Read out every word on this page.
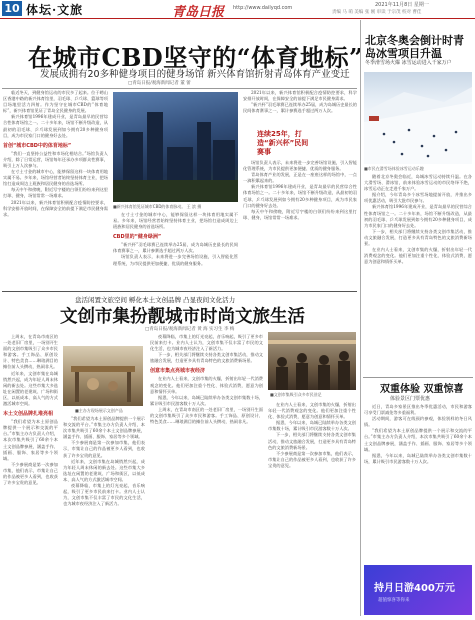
10 体坛·文旅	青岛日报 http://www.dailyqd.com	2021年11月8日 星期一
责编 马 萌 美编 张 刚 审读 于宗茂 校对 曹佳
在城市CBD坚守的“体育地标”
发展成拥有20多种健身项目的健身场馆 新兴体育馆折射青岛体育产业变迁
□青岛日报/观海新闻记者 董 蕾

临近冬天，到健身馆运动的市民多了起来。位于崂山区香港中路的新兴体育馆里，羽毛球、乒乓球、篮球等项目场地里活力四射。作为坚守在城市CBD的“体育地标”，新兴体育馆见证了青岛全民健身的发展。

新兴体育馆1996年建成开业，是青岛最早的民营综合性体育场馆之一。二十多年来，场馆不断升级改造，从最初的羽毛球、乒乓球发展到如今拥有20多种健身项目，成为市民家门口的健身好去处。

首创“城市CBD中的体育地标”

“我们一直坚持公益性和市场化相结合。”场馆负责人介绍，除了日常运营，场馆每年还承办多项群众性赛事，吸引上万人次参与。

在寸土寸金的城市中心，能够保留这样一块体育用地实属不易。多年来，场馆经营者始终坚持体育主业，把场馆打造成周边上班族和居民健身的首选场所。

每天中午和傍晚，附近写字楼的白领们纷纷来到这里打球、健身，场馆常常一场难求。

2021年以来，新兴体育馆积极配合疫情防控要求，科学安排开放时间，在保障安全的前提下满足市民健身需求。

■新兴体育馆见证城市CBD的体育脉动。 王 滨 摄

在寸土寸金的城市中心，能够保留这样一块体育用地实属不易。多年来，场馆经营者始终坚持体育主业，把场馆打造成周边上班族和居民健身的首选场所。

CBD里的“健身绿洲”

“新兴杯”羽毛球赛已连续举办25届，成为岛城历史最长的民间体育赛事之一，累计参赛选手超过两万人次。

场馆负责人表示，未来将进一步完善场馆设施，引入智能化管理系统，为市民提供更加便捷、优质的健身服务。

2021年以来，新兴体育馆积极配合疫情防控要求，科学安排开放时间，在保障安全的前提下满足市民健身需求。

“新兴杯”羽毛球赛已连续举办25届，成为岛城历史最长的民间体育赛事之一，累计参赛选手超过两万人次。

连续25年，打造“新兴杯”民间赛事

场馆负责人表示，未来将进一步完善场馆设施，引入智能化管理系统，为市民提供更加便捷、优质的健身服务。

青岛体育产业的发展，正是在一座座这样的场馆中，一点一滴积累起来的。

新兴体育馆1996年建成开业，是青岛最早的民营综合性体育场馆之一。二十多年来，场馆不断升级改造，从最初的羽毛球、乒乓球发展到如今拥有20多种健身项目，成为市民家门口的健身好去处。

每天中午和傍晚，附近写字楼的白领们纷纷来到这里打球、健身，场馆常常一场难求。

北京冬奥会倒计时青岛冰雪项目升温
冬季滑雪场火爆 冰雪运动进入千家万户
■市民在滑雪场体验冰雪运动乐趣

随着北京冬奥会临近，岛城冰雪运动持续升温。在各大滑雪场、滑冰馆，前来体验冰雪运动的市民络绎不绝，冰雪运动正在走进千家万户。

据介绍，今年青岛多个冰雪场地提前开放，并推出多项优惠活动，吸引大批市民参与。

新兴体育馆1996年建成开业，是青岛最早的民营综合性体育场馆之一。二十多年来，场馆不断升级改造，从最初的羽毛球、乒乓球发展到如今拥有20多种健身项目，成为市民家门口的健身好去处。

下一步，相关部门将继续支持各类文创市集活动，推动文旅融合发展，打造更多具有青岛特色的文旅消费新场景。

在业内人士看来，文创市集的火爆，折射出年轻一代消费观念的变化。他们更加注重个性化、体验式消费，愿意为创意和情怀买单。

双重体验 双重惊喜
体验景区门票优惠

近日，青岛多家景区推出冬季优惠活动，市民和游客可享受门票减免等多重福利。

活动期间，游客可在线预约参观，体验别样的冬日风情。

“我们希望为本土原创品牌提供一个展示和交流的平台。”市集主办方负责人介绍，本次市集共吸引了60余个本土文创品牌参展，涵盖手作、插画、服饰、家居等多个领域。

据悉，今年以来，岛城已陆续举办各类文创市集数十场，累计吸引市民游客数十万人次。

持月日游400万元
超值惊喜等你来
盘活闲置文旅空间 孵化本土文创品牌 凸显夜间文化活力
文创市集扮靓城市时尚文旅生活
□青岛日报/观海新闻记者 黄 海 实习生 李 梅

上周末，在青岛市南区的一处老旧厂房里，一场别开生面的文创市集吸引了众多市民和游客。手工饰品、原创设计、特色美食……琳琅满目的摊位前人头攒动，热闹非凡。

近年来，文创市集在岛城悄然兴起，成为年轻人周末休闲的新去处。这些市集大多选址在闲置的老建筑、广场和街区，以低成本、高人气的方式激活城市空间。

本土文创品牌扎堆亮相

“我们希望为本土原创品牌提供一个展示和交流的平台。”市集主办方负责人介绍，本次市集共吸引了60余个本土文创品牌参展，涵盖手作、插画、服饰、家居等多个领域。

不少参展商是第一次参加市集，他们表示，市集让自己的作品被更多人看到，也收获了许多宝贵的意见。

■主办方现场展示文创产品

“我们希望为本土原创品牌提供一个展示和交流的平台。”市集主办方负责人介绍，本次市集共吸引了60余个本土文创品牌参展，涵盖手作、插画、服饰、家居等多个领域。

不少参展商是第一次参加市集，他们表示，市集让自己的作品被更多人看到，也收获了许多宝贵的意见。

近年来，文创市集在岛城悄然兴起，成为年轻人周末休闲的新去处。这些市集大多选址在闲置的老建筑、广场和街区，以低成本、高人气的方式激活城市空间。

夜幕降临，市集上的灯光亮起，音乐响起，吸引了更多市民前来打卡。业内人士认为，文创市集不仅丰富了市民的文化生活，也为城市夜经济注入了新活力。

夜幕降临，市集上的灯光亮起，音乐响起，吸引了更多市民前来打卡。业内人士认为，文创市集不仅丰富了市民的文化生活，也为城市夜经济注入了新活力。

下一步，相关部门将继续支持各类文创市集活动，推动文旅融合发展，打造更多具有青岛特色的文旅消费新场景。

创意市集点亮城市夜经济

在业内人士看来，文创市集的火爆，折射出年轻一代消费观念的变化。他们更加注重个性化、体验式消费，愿意为创意和情怀买单。

据悉，今年以来，岛城已陆续举办各类文创市集数十场，累计吸引市民游客数十万人次。

上周末，在青岛市南区的一处老旧厂房里，一场别开生面的文创市集吸引了众多市民和游客。手工饰品、原创设计、特色美食……琳琅满目的摊位前人头攒动，热闹非凡。

■文创市集吸引众多市民驻足

在业内人士看来，文创市集的火爆，折射出年轻一代消费观念的变化。他们更加注重个性化、体验式消费，愿意为创意和情怀买单。

据悉，今年以来，岛城已陆续举办各类文创市集数十场，累计吸引市民游客数十万人次。

下一步，相关部门将继续支持各类文创市集活动，推动文旅融合发展，打造更多具有青岛特色的文旅消费新场景。

不少参展商是第一次参加市集，他们表示，市集让自己的作品被更多人看到，也收获了许多宝贵的意见。
